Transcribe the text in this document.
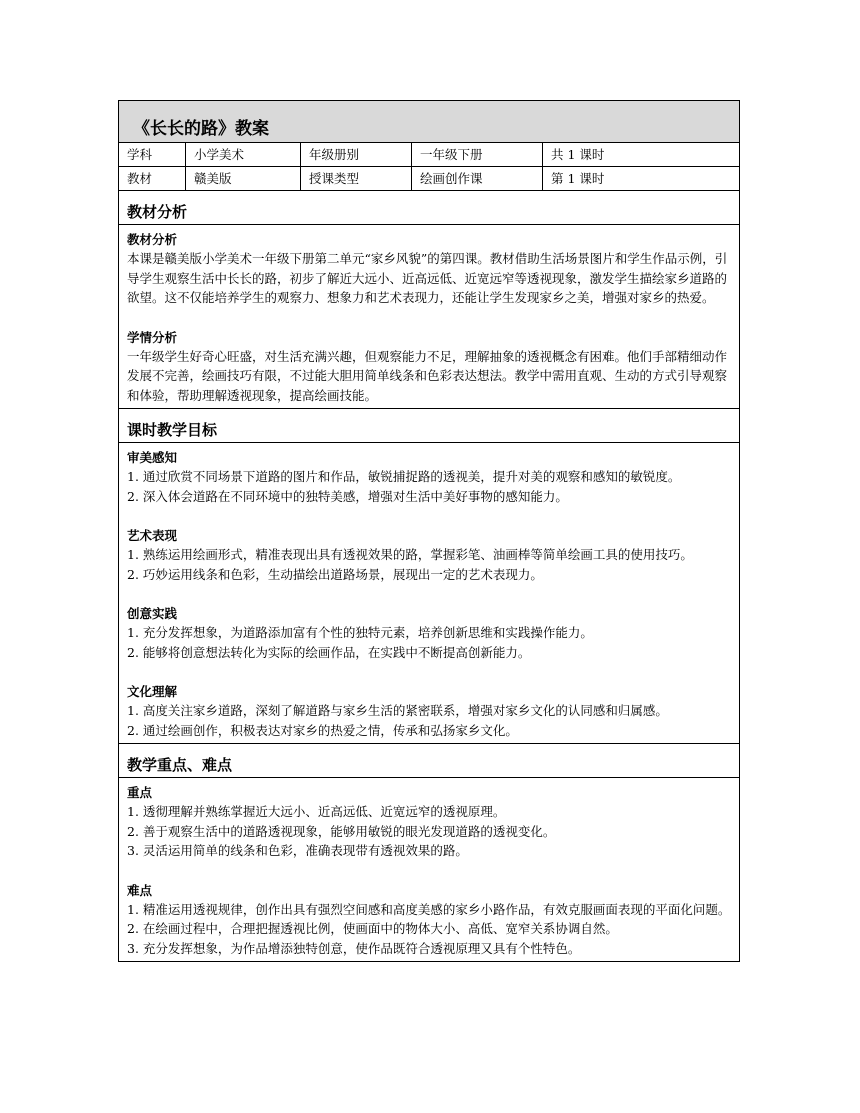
《长长的路》教案
学科	小学美术	年级册别	一年级下册	共 1 课时
教材	赣美版	授课类型	绘画创作课	第 1 课时
教材分析
教材分析

本课是赣美版小学美术一年级下册第二单元“家乡风貌”的第四课。教材借助生活场景图片和学生作品示例，引导学生观察生活中长长的路，初步了解近大远小、近高远低、近宽远窄等透视现象，激发学生描绘家乡道路的欲望。这不仅能培养学生的观察力、想象力和艺术表现力，还能让学生发现家乡之美，增强对家乡的热爱。

学情分析

一年级学生好奇心旺盛，对生活充满兴趣，但观察能力不足，理解抽象的透视概念有困难。他们手部精细动作发展不完善，绘画技巧有限，不过能大胆用简单线条和色彩表达想法。教学中需用直观、生动的方式引导观察和体验，帮助理解透视现象，提高绘画技能。

课时教学目标
审美感知

1. 通过欣赏不同场景下道路的图片和作品，敏锐捕捉路的透视美，提升对美的观察和感知的敏锐度。

2. 深入体会道路在不同环境中的独特美感，增强对生活中美好事物的感知能力。

艺术表现

1. 熟练运用绘画形式，精准表现出具有透视效果的路，掌握彩笔、油画棒等简单绘画工具的使用技巧。

2. 巧妙运用线条和色彩，生动描绘出道路场景，展现出一定的艺术表现力。

创意实践

1. 充分发挥想象，为道路添加富有个性的独特元素，培养创新思维和实践操作能力。

2. 能够将创意想法转化为实际的绘画作品，在实践中不断提高创新能力。

文化理解

1. 高度关注家乡道路，深刻了解道路与家乡生活的紧密联系，增强对家乡文化的认同感和归属感。

2. 通过绘画创作，积极表达对家乡的热爱之情，传承和弘扬家乡文化。

教学重点、难点
重点

1. 透彻理解并熟练掌握近大远小、近高远低、近宽远窄的透视原理。

2. 善于观察生活中的道路透视现象，能够用敏锐的眼光发现道路的透视变化。

3. 灵活运用简单的线条和色彩，准确表现带有透视效果的路。

难点

1. 精准运用透视规律，创作出具有强烈空间感和高度美感的家乡小路作品，有效克服画面表现的平面化问题。

2. 在绘画过程中，合理把握透视比例，使画面中的物体大小、高低、宽窄关系协调自然。

3. 充分发挥想象，为作品增添独特创意，使作品既符合透视原理又具有个性特色。
